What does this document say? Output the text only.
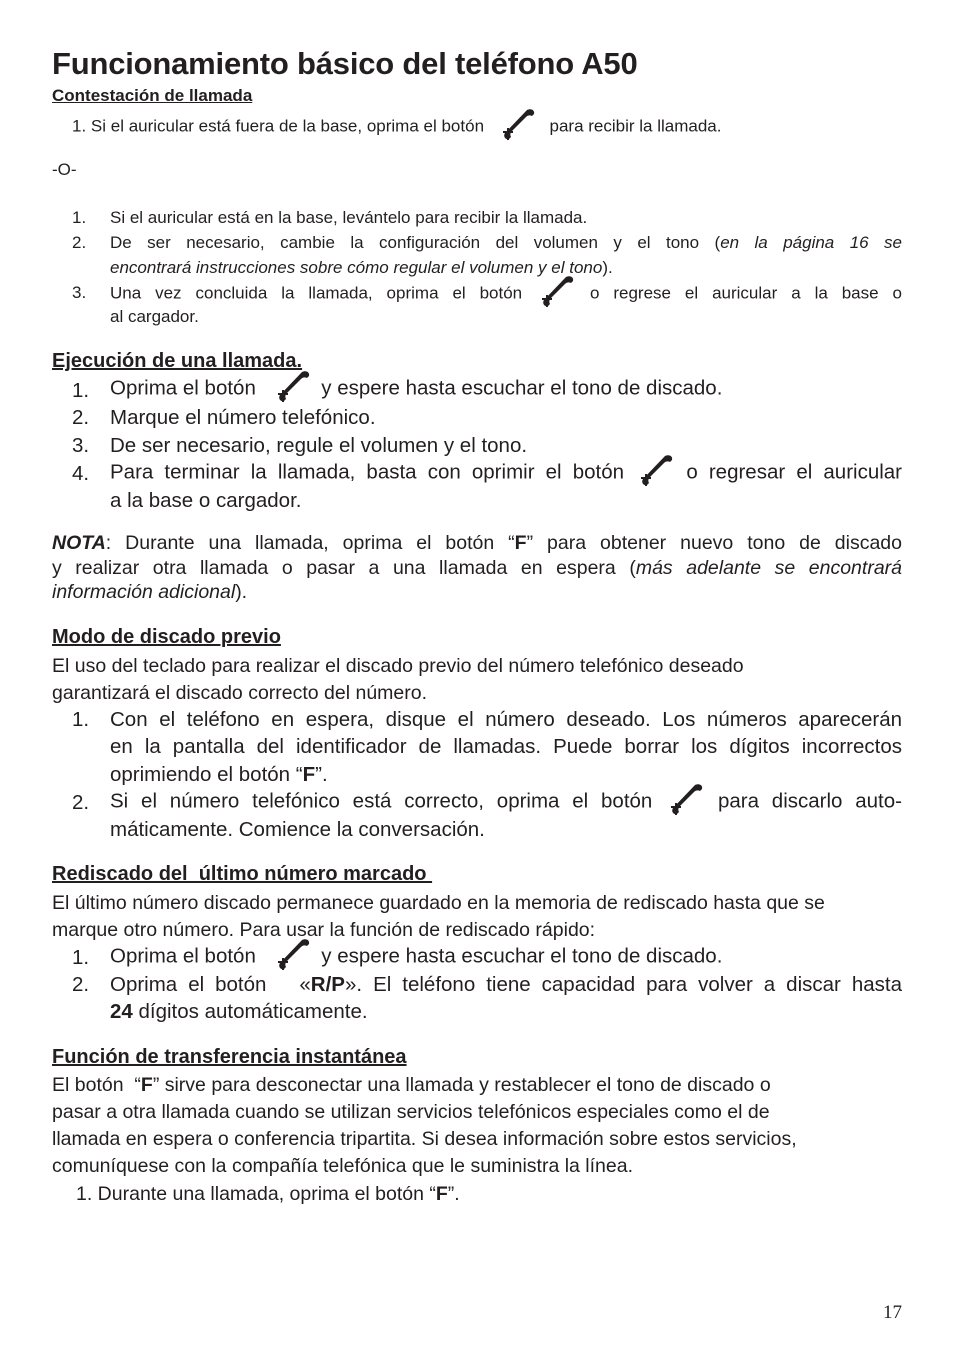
Funcionamiento básico del teléfono A50
Contestación de llamada
1. Si el auricular está fuera de la base, oprima el botón	para recibir la llamada.
-O-
1. Si el auricular está en la base, levántelo para recibir la llamada.
2. De ser necesario, cambie la configuración del volumen y el tono (en la página 16 se
encontrará instrucciones sobre cómo regular el volumen y el tono).
3. Una vez concluida la llamada, oprima el botón	o regrese el auricular a la base o
al cargador.
Ejecución de una llamada.
1. Oprima el botón	y espere hasta escuchar el tono de discado.
2. Marque el número telefónico.
3. De ser necesario, regule el volumen y el tono.
4. Para terminar la llamada, basta con oprimir el botón	o regresar el auricular
a la base o cargador.
NOTA: Durante una llamada, oprima el botón “F” para obtener nuevo tono de discado
y realizar otra llamada o pasar a una llamada en espera (más adelante se encontrará
información adicional).
Modo de discado previo
El uso del teclado para realizar el discado previo del número telefónico deseado
garantizará el discado correcto del número.
1. Con el teléfono en espera, disque el número deseado. Los números aparecerán
en la pantalla del identificador de llamadas. Puede borrar los dígitos incorrectos
oprimiendo el botón “F”.
2. Si el número telefónico está correcto, oprima el botón	para discarlo auto-
máticamente. Comience la conversación.
Rediscado del  último número marcado
El último número discado permanece guardado en la memoria de rediscado hasta que se
marque otro número. Para usar la función de rediscado rápido:
1. Oprima el botón	y espere hasta escuchar el tono de discado.
2. Oprima el botón   «R/P». El teléfono tiene capacidad para volver a discar hasta
24 dígitos automáticamente.
Función de transferencia instantánea
El botón  “F” sirve para desconectar una llamada y restablecer el tono de discado o
pasar a otra llamada cuando se utilizan servicios telefónicos especiales como el de
llamada en espera o conferencia tripartita. Si desea información sobre estos servicios,
comuníquese con la compañía telefónica que le suministra la línea.
1. Durante una llamada, oprima el botón “F”.
17
